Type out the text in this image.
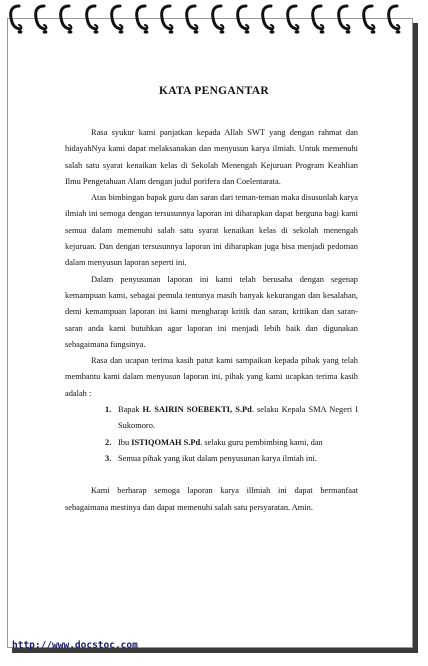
KATA PENGANTAR

Rasa syukur kami panjatkan kepada Allah SWT yang dengan rahmat dan hidayahNya kami dapat melaksanakan dan menyusun karya ilmiah. Untuk memenuhi salah satu syarat kenaikan kelas di Sekolah Menengah Kejuruan Program Keahlian Ilmu Pengetahuan Alam dengan judul porifera dan Coelentarata.

Atas bimbingan bapak guru dan saran dari teman-teman maka disusunlah karya ilmiah ini semoga dengan tersusunnya laporan ini diharapkan dapat berguna bagi kami semua dalam memenuhi salah satu syarat kenaikan kelas di sekolah menengah kejuruan. Dan dengan tersusunnya laporan ini diharapkan juga bisa menjadi pedoman dalam menyusun laporan seperti ini.

Dalam penyusunan laporan ini kami telah berusaha dengan segenap kemampuan kami, sebagai pemula tentunya masih banyak kekurangan dan kesalahan, demi kemampuan laporan ini kami mengharap kritik dan saran, kritikan dan saran-saran anda kami butuhkan agar laporan ini menjadi lebih baik dan digunakan sebagaimana fungsinya.

Rasa dan ucapan terima kasih patut kami sampaikan kepada pihak yang telah membantu kami dalam menyusun laporan ini, pihak yang kami ucapkan terima kasih adalah :

1. Bapak H. SAIRIN SOEBEKTI, S.Pd. selaku Kepala SMA Negeri I Sukomoro.
2. Ibu ISTIQOMAH S.Pd. selaku guru pembimbing kami, dan
3. Semua pihak yang ikut dalam penyusunan karya ilmiah ini.

Kami berharap semoga laporan karya illmiah ini dapat bermanfaat sebagaimana mestinya dan dapat memenuhi salah satu persyaratan. Amin.

http://www.docstoc.com
